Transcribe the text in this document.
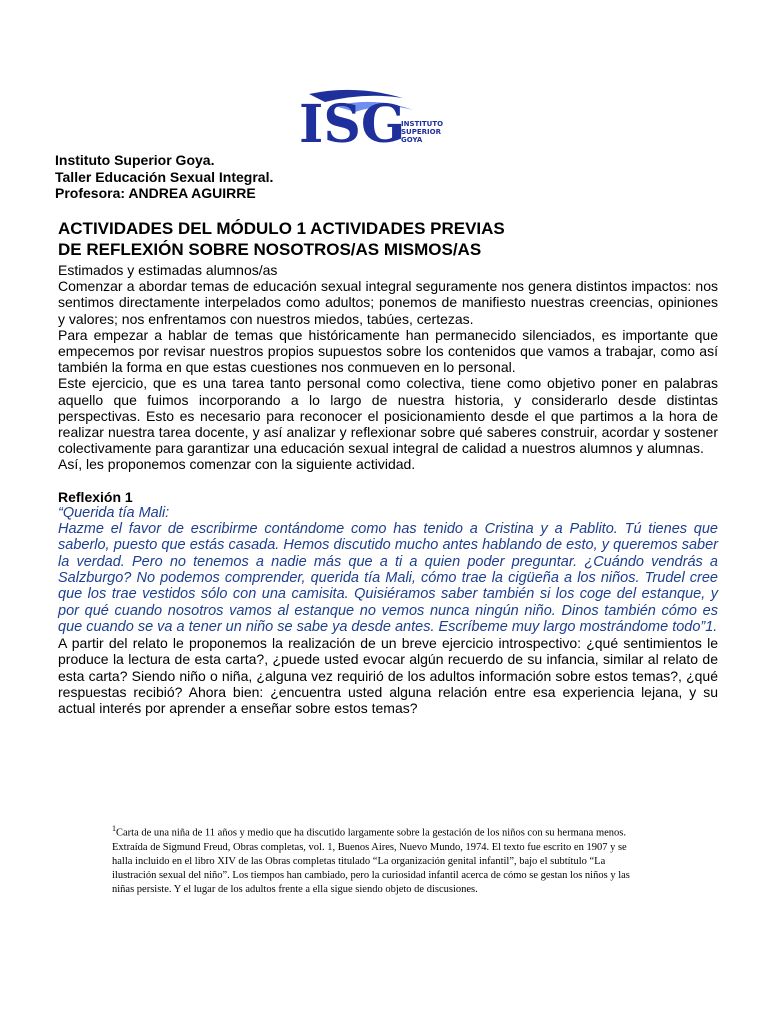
ISG
INSTITUTO
SUPERIOR
GOYA
Instituto Superior Goya.
Taller Educación Sexual Integral.
Profesora: ANDREA AGUIRRE
ACTIVIDADES DEL MÓDULO 1 ACTIVIDADES PREVIAS
DE REFLEXIÓN SOBRE NOSOTROS/AS MISMOS/AS

Estimados y estimadas alumnos/as

Comenzar a abordar temas de educación sexual integral seguramente nos genera distintos impactos: nos sentimos directamente interpelados como adultos; ponemos de manifiesto nuestras creencias, opiniones y valores; nos enfrentamos con nuestros miedos, tabúes, certezas.

Para empezar a hablar de temas que históricamente han permanecido silenciados, es importante que empecemos por revisar nuestros propios supuestos sobre los contenidos que vamos a trabajar, como así también la forma en que estas cuestiones nos conmueven en lo personal.

Este ejercicio, que es una tarea tanto personal como colectiva, tiene como objetivo poner en palabras aquello que fuimos incorporando a lo largo de nuestra historia, y considerarlo desde distintas perspectivas. Esto es necesario para reconocer el posicionamiento desde el que partimos a la hora de realizar nuestra tarea docente, y así analizar y reflexionar sobre qué saberes construir, acordar y sostener colectivamente para garantizar una educación sexual integral de calidad a nuestros alumnos y alumnas.

Así, les proponemos comenzar con la siguiente actividad.

Reflexión 1

“Querida tía Mali:

Hazme el favor de escribirme contándome como has tenido a Cristina y a Pablito. Tú tienes que saberlo, puesto que estás casada. Hemos discutido mucho antes hablando de esto, y queremos saber la verdad. Pero no tenemos a nadie más que a ti a quien poder preguntar. ¿Cuándo vendrás a Salzburgo? No podemos comprender, querida tía Mali, cómo trae la cigüeña a los niños. Trudel cree que los trae vestidos sólo con una camisita. Quisiéramos saber también si los coge del estanque, y por qué cuando nosotros vamos al estanque no vemos nunca ningún niño. Dinos también cómo es que cuando se va a tener un niño se sabe ya desde antes. Escríbeme muy largo mostrándome todo”1.

A partir del relato le proponemos la realización de un breve ejercicio introspectivo: ¿qué sentimientos le produce la lectura de esta carta?, ¿puede usted evocar algún recuerdo de su infancia, similar al relato de esta carta? Siendo niño o niña, ¿alguna vez requirió de los adultos información sobre estos temas?, ¿qué respuestas recibió? Ahora bien: ¿encuentra usted alguna relación entre esa experiencia lejana, y su actual interés por aprender a enseñar sobre estos temas?

$^1$Carta de una niña de 11 años y medio que ha discutido largamente sobre la gestación de los niños con su hermana menos. Extraída de Sigmund Freud, Obras completas, vol. 1, Buenos Aires, Nuevo Mundo, 1974. El texto fue escrito en 1907 y se halla incluido en el libro XIV de las Obras completas titulado “La organización genital infantil”, bajo el subtítulo “La ilustración sexual del niño”. Los tiempos han cambiado, pero la curiosidad infantil acerca de cómo se gestan los niños y las niñas persiste. Y el lugar de los adultos frente a ella sigue siendo objeto de discusiones.
